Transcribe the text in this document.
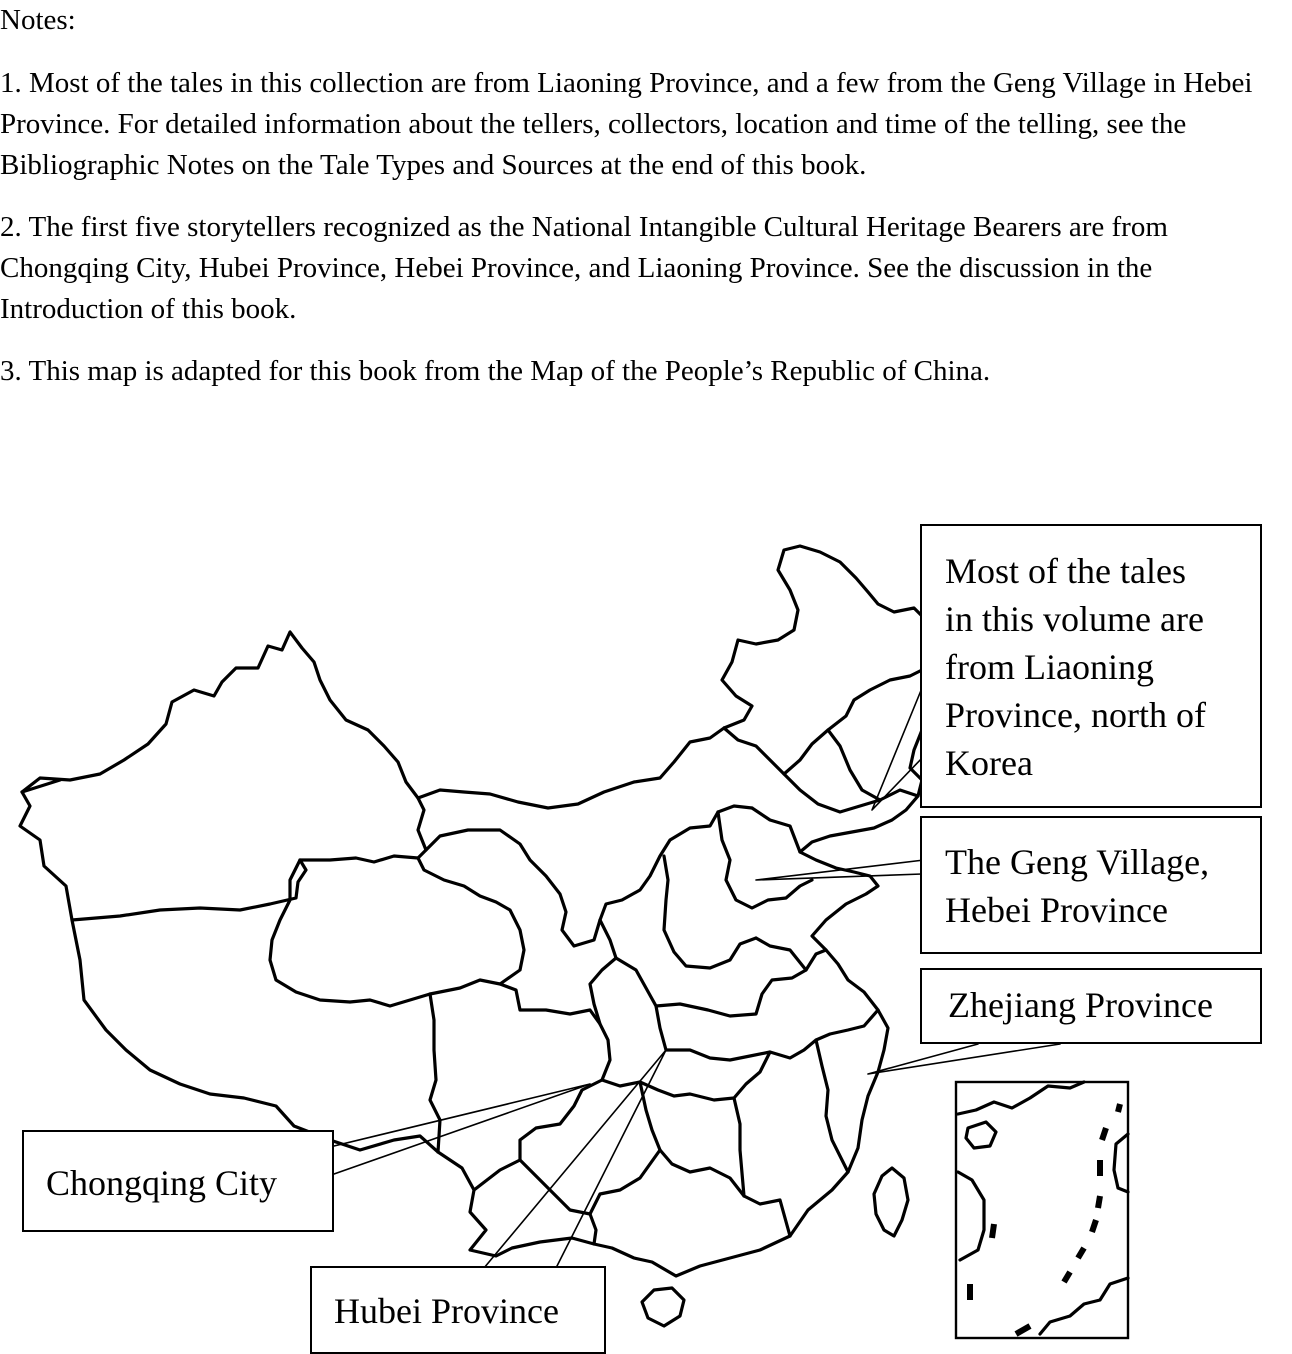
Notes:

1. Most of the tales in this collection are from Liaoning Province, and a few from the Geng Village in Hebei Province. For detailed information about the tellers, collectors, location and time of the telling, see the Bibliographic Notes on the Tale Types and Sources at the end of this book.

2. The first five storytellers recognized as the National Intangible Cultural Heritage Bearers are from Chongqing City, Hubei Province, Hebei Province, and Liaoning Province. See the discussion in the Introduction of this book.

3. This map is adapted for this book from the Map of the People’s Republic of China.

Most of the tales
in this volume are
from Liaoning
Province, north of
Korea
The Geng Village,
Hebei Province
Zhejiang Province
Chongqing City
Hubei Province
